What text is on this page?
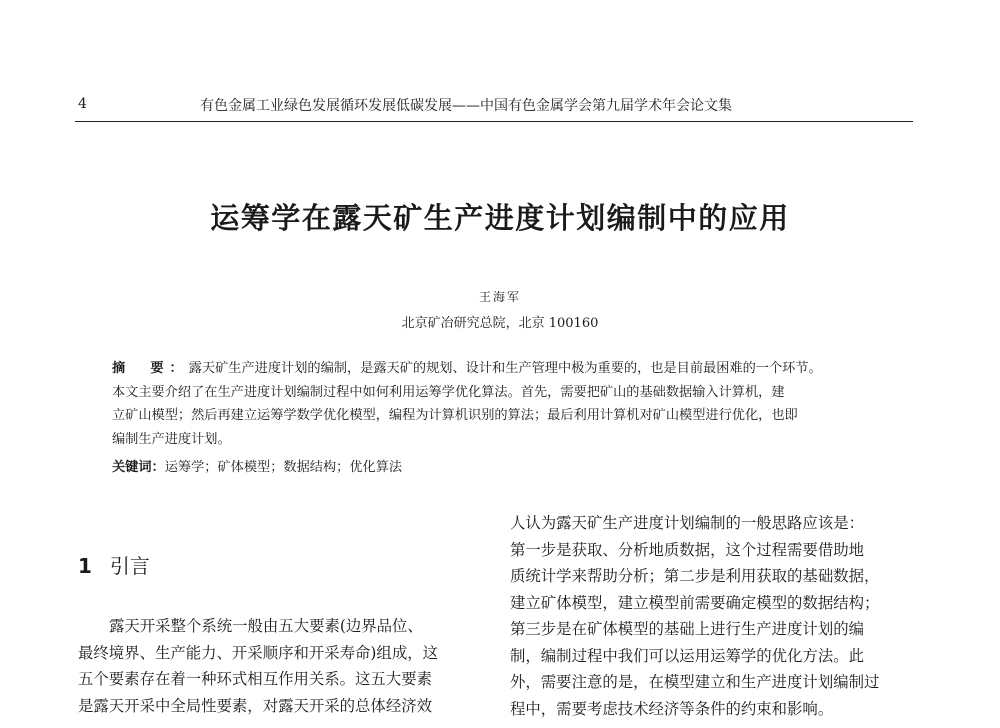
4	有色金属工业绿色发展循环发展低碳发展——中国有色金属学会第九届学术年会论文集
运筹学在露天矿生产进度计划编制中的应用
王海军
北京矿冶研究总院，北京 100160
摘　要：露天矿生产进度计划的编制，是露天矿的规划、设计和生产管理中极为重要的，也是目前最困难的一个环节。
本文主要介绍了在生产进度计划编制过程中如何利用运筹学优化算法。首先，需要把矿山的基础数据输入计算机，建
立矿山模型；然后再建立运筹学数学优化模型，编程为计算机识别的算法；最后利用计算机对矿山模型进行优化，也即
编制生产进度计划。
关键词：运筹学；矿体模型；数据结构；优化算法
1 引言
露天开采整个系统一般由五大要素(边界品位、
最终境界、生产能力、开采顺序和开采寿命)组成，这
五个要素存在着一种环式相互作用关系。这五大要素
是露天开采中全局性要素，对露天开采的总体经济效
人认为露天矿生产进度计划编制的一般思路应该是：
第一步是获取、分析地质数据，这个过程需要借助地
质统计学来帮助分析；第二步是利用获取的基础数据，
建立矿体模型，建立模型前需要确定模型的数据结构；
第三步是在矿体模型的基础上进行生产进度计划的编
制，编制过程中我们可以运用运筹学的优化方法。此
外，需要注意的是，在模型建立和生产进度计划编制过
程中，需要考虑技术经济等条件的约束和影响。
